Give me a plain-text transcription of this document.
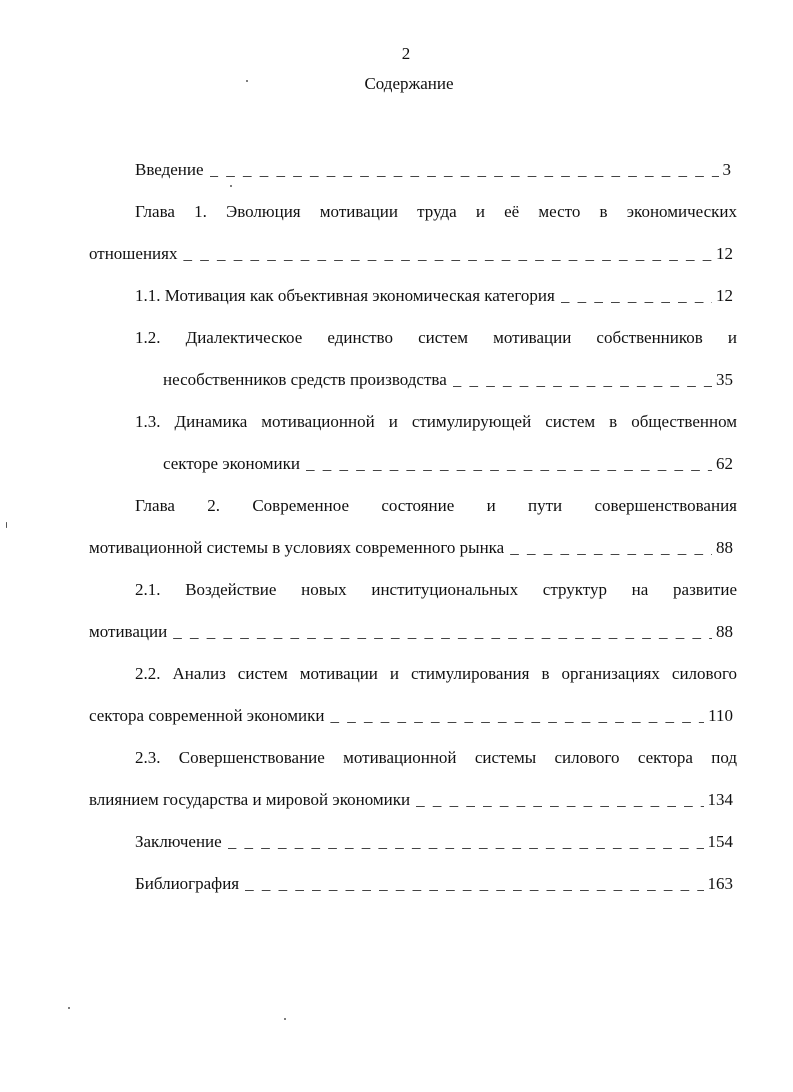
2
Содержание
Введение _ _ _	3
Глава 1. Эволюция мотивации труда и её место в экономических
отношениях _ _ _	12
1.1. Мотивация как объективная экономическая категория _ _ _	12
1.2. Диалектическое единство систем мотивации собственников и
несобственников средств производства _ _ _	35
1.3. Динамика мотивационной и стимулирующей систем в общественном
секторе экономики _ _ _	62
Глава 2. Современное состояние и пути совершенствования
мотивационной системы в условиях современного рынка _ _ _	88
2.1. Воздействие новых институциональных структур на развитие
мотивации _ _ _	88
2.2. Анализ систем мотивации и стимулирования в организациях силового
сектора современной экономики _ _ _	110
2.3. Совершенствование мотивационной системы силового сектора под
влиянием государства и мировой экономики _ _ _	134
Заключение _ _ _	154
Библиография _ _ _	163
